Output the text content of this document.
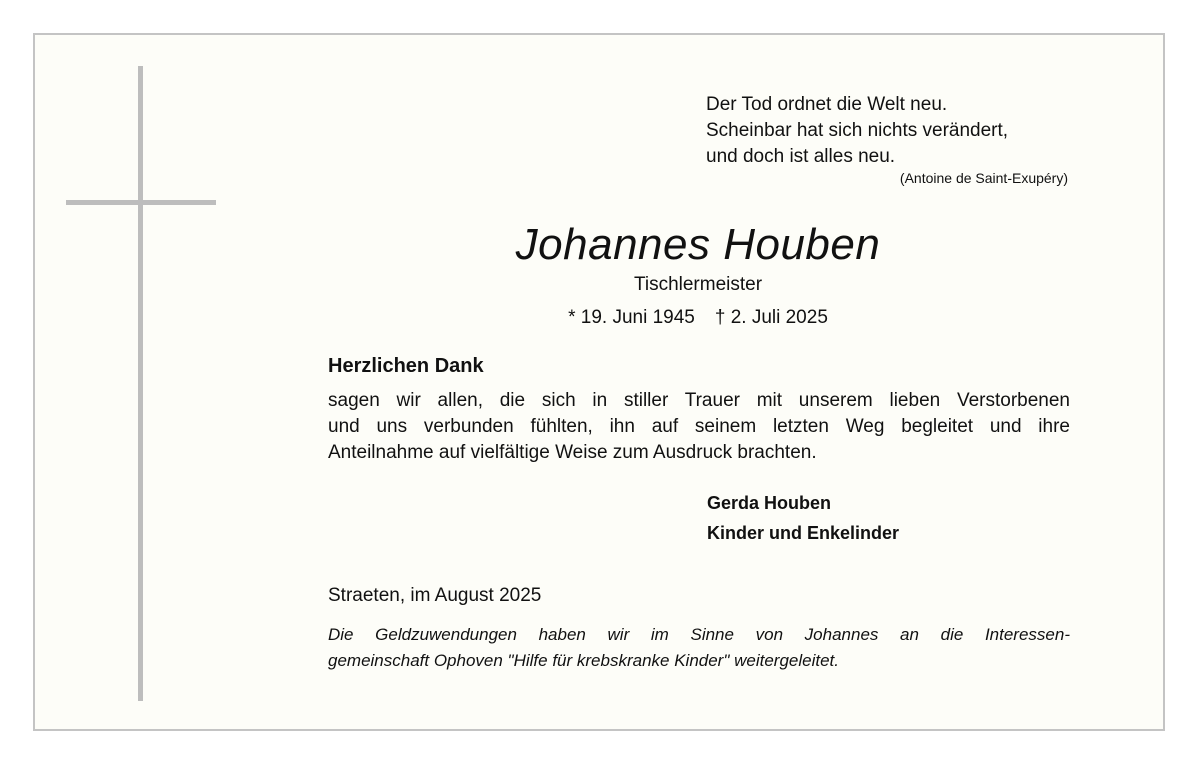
Der Tod ordnet die Welt neu.
Scheinbar hat sich nichts verändert,
und doch ist alles neu.
(Antoine de Saint-Exupéry)
Johannes Houben
Tischlermeister
* 19. Juni 1945 † 2. Juli 2025
Herzlichen Dank
sagen wir allen, die sich in stiller Trauer mit unserem lieben Verstorbenen
und uns verbunden fühlten, ihn auf seinem letzten Weg begleitet und ihre
Anteilnahme auf vielfältige Weise zum Ausdruck brachten.
Gerda Houben
Kinder und Enkelinder
Straeten, im August 2025
Die Geldzuwendungen haben wir im Sinne von Johannes an die Interessen-
gemeinschaft Ophoven "Hilfe für krebskranke Kinder" weitergeleitet.
